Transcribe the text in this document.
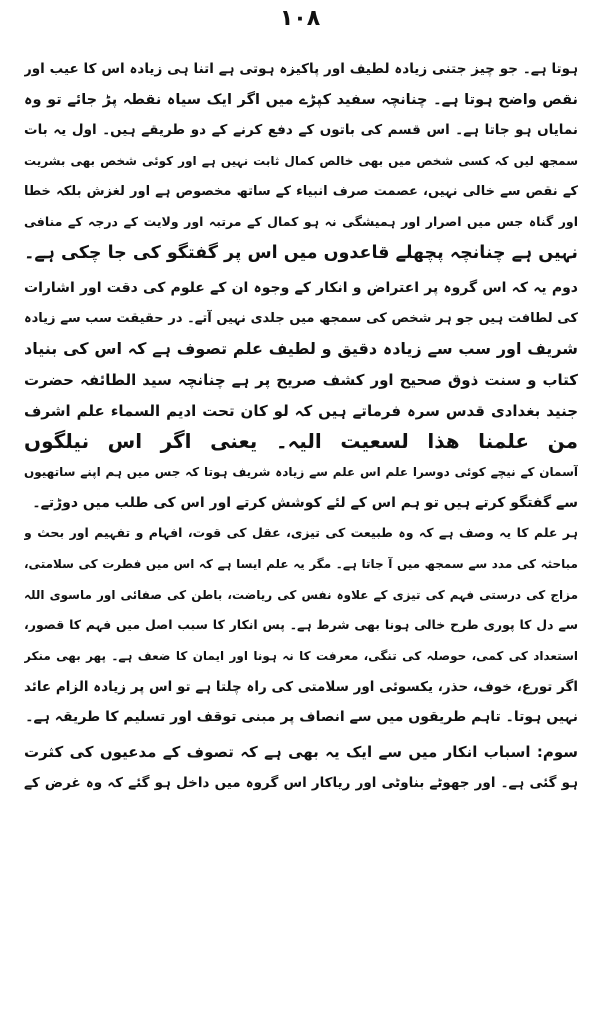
۱۰۸
ہوتا ہے۔ جو چیز جتنی زیادہ لطیف اور پاکیزہ ہوتی ہے اتنا ہی زیادہ اس کا عیب اور
نقص واضح ہوتا ہے۔ چنانچہ سفید کپڑے میں اگر ایک سیاہ نقطہ پڑ جائے تو وہ
نمایاں ہو جاتا ہے۔ اس قسم کی باتوں کے دفع کرنے کے دو طریقے ہیں۔ اول یہ بات
سمجھ لیں کہ کسی شخص میں بھی خالص کمال ثابت نہیں ہے اور کوئی شخص بھی بشریت
کے نقص سے خالی نہیں، عصمت صرف انبیاء کے ساتھ مخصوص ہے اور لغزش بلکہ خطا
اور گناہ جس میں اصرار اور ہمیشگی نہ ہو کمال کے مرتبہ اور ولایت کے درجہ کے منافی
نہیں ہے چنانچہ پچھلے قاعدوں میں اس پر گفتگو کی جا چکی ہے۔
دوم یہ کہ اس گروہ پر اعتراض و انکار کے وجوہ ان کے علوم کی دقت اور اشارات
کی لطافت ہیں جو ہر شخص کی سمجھ میں جلدی نہیں آتے۔ در حقیقت سب سے زیادہ
شریف اور سب سے زیادہ دقیق و لطیف علم تصوف ہے کہ اس کی بنیاد
کتاب و سنت ذوق صحیح اور کشف صریح پر ہے چنانچہ سید الطائفہ حضرت
جنید بغدادی قدس سرہ فرماتے ہیں کہ لو کان تحت ادیم السماء علم اشرف
من علمنا ھذا لسعیت الیہ۔ یعنی اگر اس نیلگوں
آسمان کے نیچے کوئی دوسرا علم اس علم سے زیادہ شریف ہوتا کہ جس میں ہم اپنے ساتھیوں
سے گفتگو کرتے ہیں تو ہم اس کے لئے کوشش کرتے اور اس کی طلب میں دوڑتے۔
ہر علم کا یہ وصف ہے کہ وہ طبیعت کی تیزی، عقل کی قوت، افہام و تفہیم اور بحث و
مباحثہ کی مدد سے سمجھ میں آ جاتا ہے۔ مگر یہ علم ایسا ہے کہ اس میں فطرت کی سلامتی،
مزاج کی درستی فہم کی تیزی کے علاوہ نفس کی ریاضت، باطن کی صفائی اور ماسوی اللہ
سے دل کا پوری طرح خالی ہونا بھی شرط ہے۔ پس انکار کا سبب اصل میں فہم کا قصور،
استعداد کی کمی، حوصلہ کی تنگی، معرفت کا نہ ہونا اور ایمان کا ضعف ہے۔ پھر بھی منکر
اگر تورع، خوف، حذر، یکسوئی اور سلامتی کی راہ چلتا ہے تو اس پر زیادہ الزام عائد
نہیں ہوتا۔ تاہم طریقوں میں سے انصاف پر مبنی توقف اور تسلیم کا طریقہ ہے۔
سوم: اسباب انکار میں سے ایک یہ بھی ہے کہ تصوف کے مدعیوں کی کثرت
ہو گئی ہے۔ اور جھوٹے بناوٹی اور ریاکار اس گروہ میں داخل ہو گئے کہ وہ غرض کے
